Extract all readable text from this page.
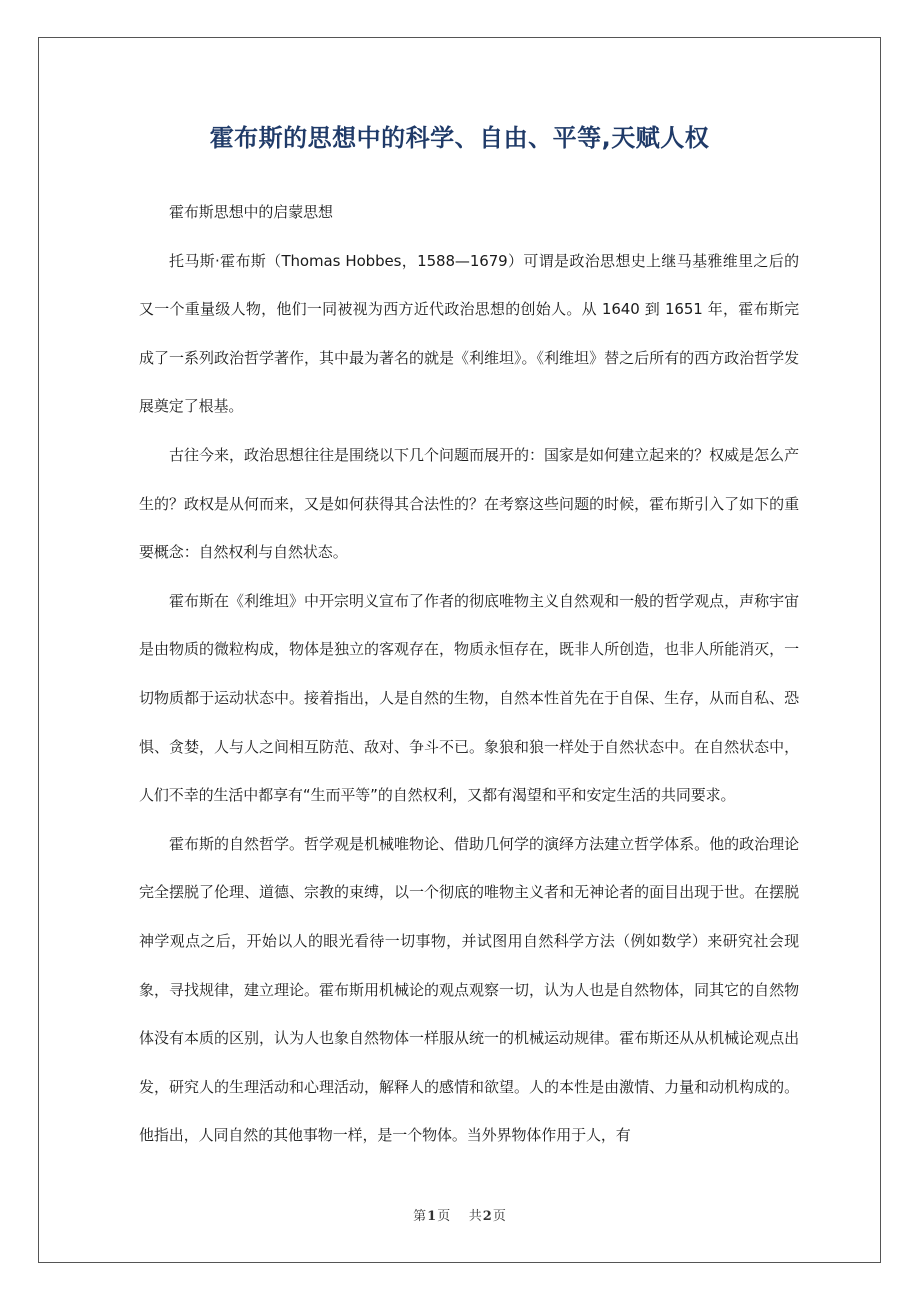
霍布斯的思想中的科学、自由、平等,天赋人权

霍布斯思想中的启蒙思想

托马斯·霍布斯（Thomas Hobbes，1588—1679）可谓是政治思想史上继马基雅维里之后的又一个重量级人物，他们一同被视为西方近代政治思想的创始人。从 1640 到 1651 年，霍布斯完成了一系列政治哲学著作，其中最为著名的就是《利维坦》。《利维坦》替之后所有的西方政治哲学发展奠定了根基。

古往今来，政治思想往往是围绕以下几个问题而展开的：国家是如何建立起来的？权威是怎么产生的？政权是从何而来，又是如何获得其合法性的？在考察这些问题的时候，霍布斯引入了如下的重要概念：自然权利与自然状态。

霍布斯在《利维坦》中开宗明义宣布了作者的彻底唯物主义自然观和一般的哲学观点，声称宇宙是由物质的微粒构成，物体是独立的客观存在，物质永恒存在，既非人所创造，也非人所能消灭，一切物质都于运动状态中。接着指出，人是自然的生物，自然本性首先在于自保、生存，从而自私、恐惧、贪婪，人与人之间相互防范、敌对、争斗不已。象狼和狼一样处于自然状态中。在自然状态中，人们不幸的生活中都享有“生而平等”的自然权利，又都有渴望和平和安定生活的共同要求。

霍布斯的自然哲学。哲学观是机械唯物论、借助几何学的演绎方法建立哲学体系。他的政治理论完全摆脱了伦理、道德、宗教的束缚，以一个彻底的唯物主义者和无神论者的面目出现于世。在摆脱神学观点之后，开始以人的眼光看待一切事物，并试图用自然科学方法（例如数学）来研究社会现象，寻找规律，建立理论。霍布斯用机械论的观点观察一切，认为人也是自然物体，同其它的自然物体没有本质的区别，认为人也象自然物体一样服从统一的机械运动规律。霍布斯还从从机械论观点出发，研究人的生理活动和心理活动，解释人的感情和欲望。人的本性是由激情、力量和动机构成的。他指出，人同自然的其他事物一样，是一个物体。当外界物体作用于人，有

第1页 共2页
